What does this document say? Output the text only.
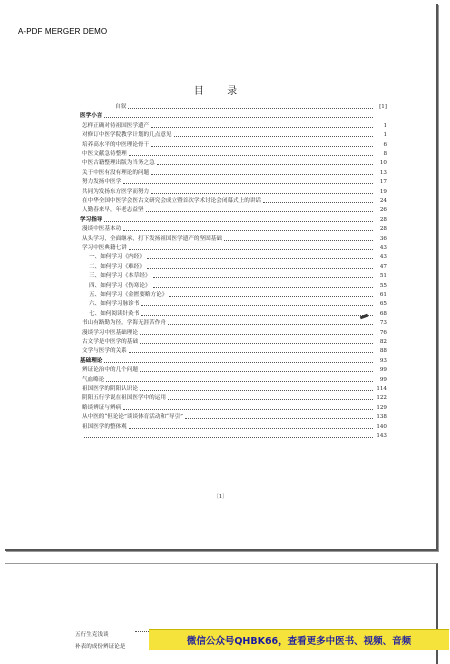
目 录
自叙	[1]
医学小言
怎样正确对待祖国医学遗产	1
对修订中医学院教学计划的几点意见	1
培养高水平的中医理论骨干	6
中医文献急待整理	8
中医古籍整理出版为当务之急	10
关于中医有没有理论的问题	13
努力发扬中医学	17
共同为发扬东方医学而努力	19
在中华全国中医学会医古文研究会成立暨首次学术讨论会闭幕式上的讲话	24
人勤春来早，年老志益坚	26
学习指导	28
漫谈中医基本功	28
从头学习，全面继承，打下发扬祖国医学遗产的坚固基础	36
学习中医典籍七讲	43
一、如何学习《内经》	43
二、如何学习《难经》	47
三、如何学习《本草经》	51
四、如何学习《伤寒论》	55
五、如何学习《金匮要略方论》	61
六、如何学习脉诊书	65
七、如何阅读针灸书	68
书山有路勤为径，学海无涯苦作舟	73
漫谈学习中医基础理论	76
古文学是中医学的基础	82
文学与医学的关系	88
基础理论	93
辨证论治中的几个问题	99
气血略论	99
祖国医学的阴阳认识论	114
阴阳五行学说在祖国医学中的运用	122
略谈辨证与辨病	129
从中医的“但论论”谈谈体育活动和“导引”	138
祖国医学的整体观	140
143
〔1〕
A-PDF MERGER DEMO
五行生克浅谈
补表的成份辨证论是	微信公众号QHBK66，查看更多中医书、视频、音频
